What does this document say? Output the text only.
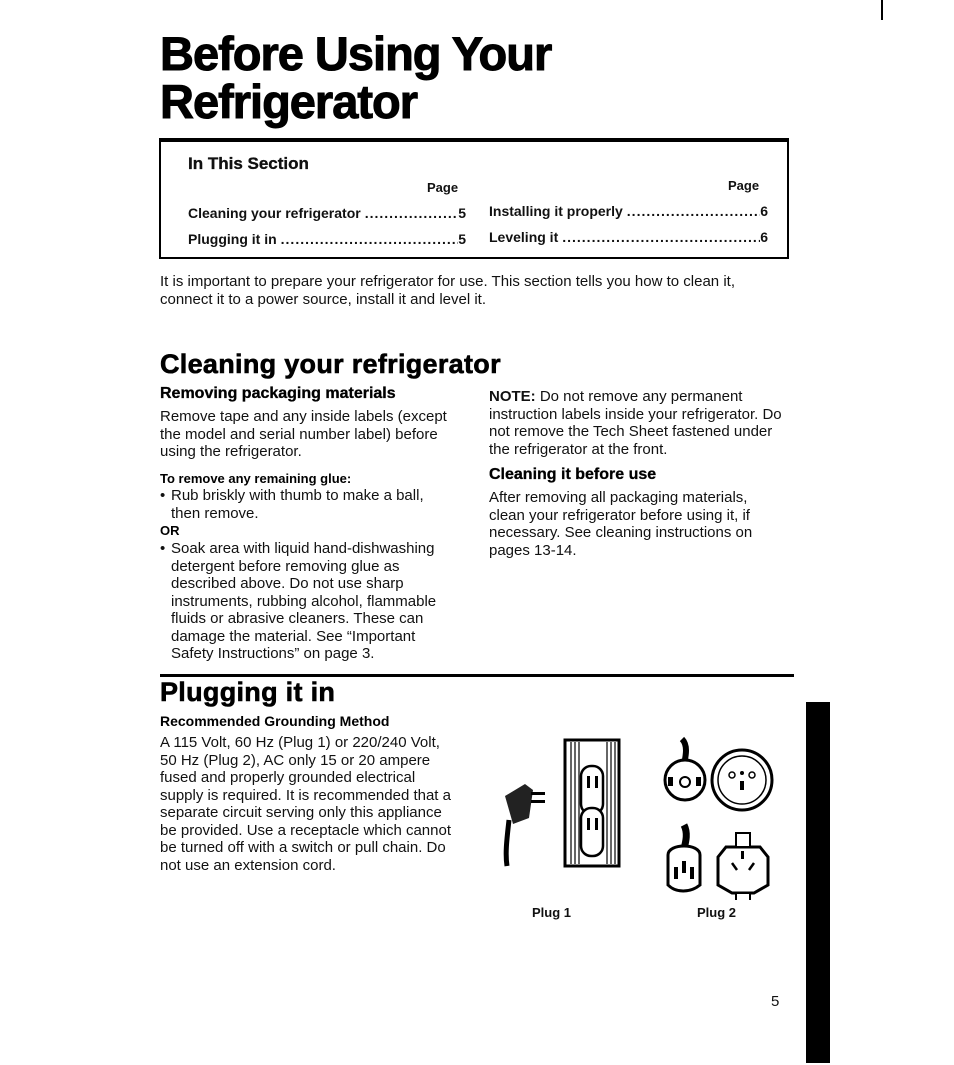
Before Using Your Refrigerator
In This Section
Page	Page
Cleaning your refrigerator .....	5
Plugging it in .....	5
Installing it properly .....	6
Leveling it .....	6
It is important to prepare your refrigerator for use. This section tells you how to clean it, connect it to a power source, install it and level it.
Cleaning your refrigerator
Removing packaging materials
Remove tape and any inside labels (except the model and serial number label) before using the refrigerator.
To remove any remaining glue:
• Rub briskly with thumb to make a ball, then remove.
OR
• Soak area with liquid hand-dishwashing detergent before removing glue as described above. Do not use sharp instruments, rubbing alcohol, flammable fluids or abrasive cleaners. These can damage the material. See “Important Safety Instructions” on page 3.
NOTE: Do not remove any permanent instruction labels inside your refrigerator. Do not remove the Tech Sheet fastened under the refrigerator at the front.
Cleaning it before use
After removing all packaging materials, clean your refrigerator before using it, if necessary. See cleaning instructions on pages 13-14.
Plugging it in
Recommended Grounding Method
A 115 Volt, 60 Hz (Plug 1) or 220/240 Volt, 50 Hz (Plug 2), AC only 15 or 20 ampere fused and properly grounded electrical supply is required. It is recommended that a separate circuit serving only this appliance be provided. Use a receptacle which cannot be turned off with a switch or pull chain. Do not use an extension cord.
Plug 1	Plug 2
5
